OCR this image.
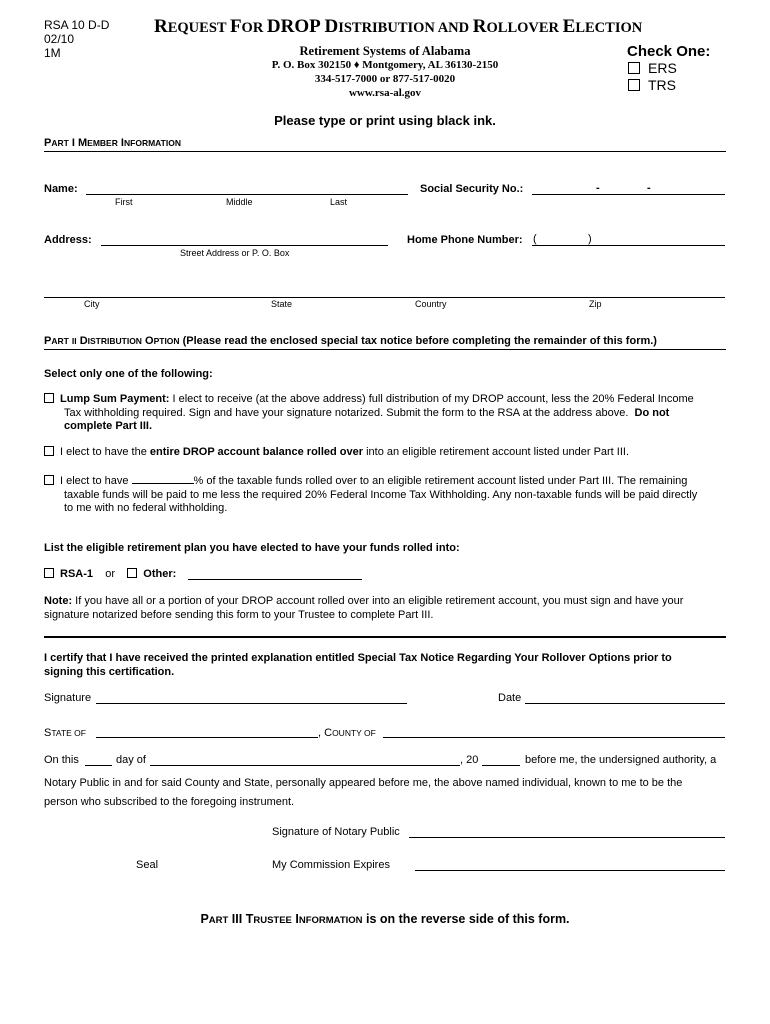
RSA 10 D-D
02/10
1M
REQUEST FOR DROP DISTRIBUTION AND ROLLOVER ELECTION
Retirement Systems of Alabama
P. O. Box 302150 ♦ Montgomery, AL 36130-2150
334-517-7000 or 877-517-0020
www.rsa-al.gov
Check One:
ERS
TRS
Please type or print using black ink.
PART I MEMBER INFORMATION
Name:
First	Middle	Last
Social Security No.:	-	-
Address:
Street Address or P. O. Box
Home Phone Number: (	)
City	State	Country	Zip
PART II DISTRIBUTION OPTION (Please read the enclosed special tax notice before completing the remainder of this form.)
Select only one of the following:
Lump Sum Payment: I elect to receive (at the above address) full distribution of my DROP account, less the 20% Federal Income
Tax withholding required. Sign and have your signature notarized. Submit the form to the RSA at the address above. Do not
complete Part III.
I elect to have the entire DROP account balance rolled over into an eligible retirement account listed under Part III.
I elect to have	% of the taxable funds rolled over to an eligible retirement account listed under Part III. The remaining
taxable funds will be paid to me less the required 20% Federal Income Tax Withholding. Any non-taxable funds will be paid directly
to me with no federal withholding.
List the eligible retirement plan you have elected to have your funds rolled into:
RSA-1 or	Other:
Note: If you have all or a portion of your DROP account rolled over into an eligible retirement account, you must sign and have your
signature notarized before sending this form to your Trustee to complete Part III.
I certify that I have received the printed explanation entitled Special Tax Notice Regarding Your Rollover Options prior to
signing this certification.
Signature	Date
STATE OF	, COUNTY OF
On this	day of	, 20	before me, the undersigned authority, a
Notary Public in and for said County and State, personally appeared before me, the above named individual, known to me to be the
person who subscribed to the foregoing instrument.
Signature of Notary Public
Seal	My Commission Expires
PART III TRUSTEE INFORMATION is on the reverse side of this form.
